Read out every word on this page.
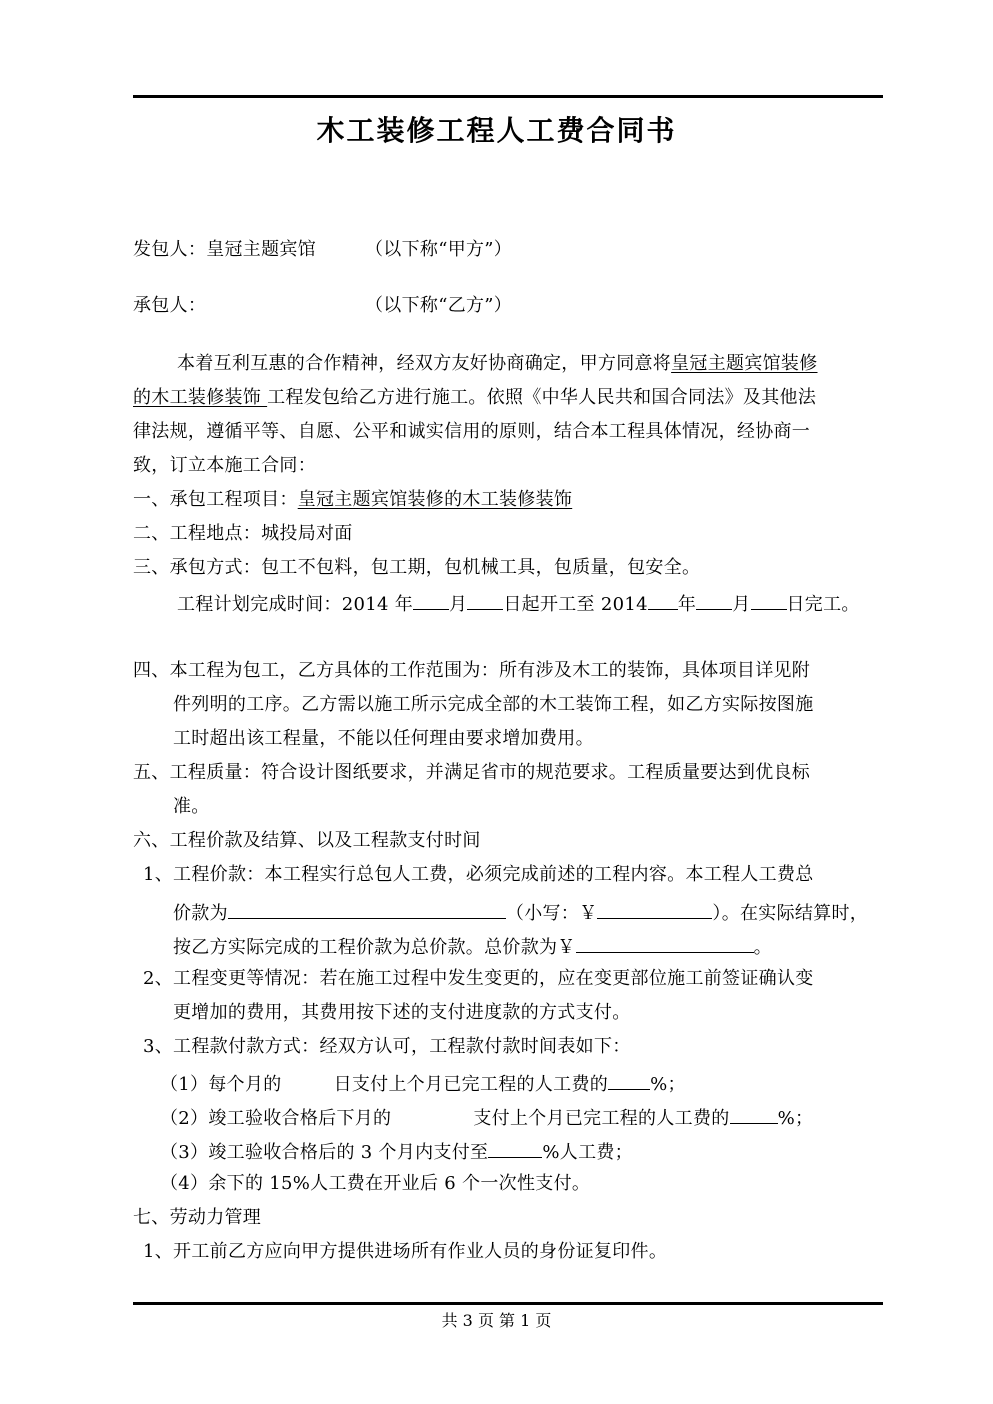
木工装修工程人工费合同书
发包人：皇冠主题宾馆	（以下称“甲方”）
承包人：	（以下称“乙方”）
本着互利互惠的合作精神，经双方友好协商确定，甲方同意将皇冠主题宾馆装修
的木工装修装饰 工程发包给乙方进行施工。依照《中华人民共和国合同法》及其他法
律法规，遵循平等、自愿、公平和诚实信用的原则，结合本工程具体情况，经协商一
致，订立本施工合同：
一、承包工程项目：皇冠主题宾馆装修的木工装修装饰
二、工程地点：城投局对面
三、承包方式：包工不包料，包工期，包机械工具，包质量，包安全。
工程计划完成时间：2014 年 月 日起开工至 2014 年 月 日完工。
四、本工程为包工，乙方具体的工作范围为：所有涉及木工的装饰，具体项目详见附
件列明的工序。乙方需以施工所示完成全部的木工装饰工程，如乙方实际按图施
工时超出该工程量，不能以任何理由要求增加费用。
五、工程质量：符合设计图纸要求，并满足省市的规范要求。工程质量要达到优良标
准。
六、工程价款及结算、以及工程款支付时间
1、工程价款：本工程实行总包人工费，必须完成前述的工程内容。本工程人工费总
价款为	（小写：￥	）。在实际结算时，
按乙方实际完成的工程价款为总价款。总价款为￥	。
2、工程变更等情况：若在施工过程中发生变更的，应在变更部位施工前签证确认变
更增加的费用，其费用按下述的支付进度款的方式支付。
3、工程款付款方式：经双方认可，工程款付款时间表如下：
（1）每个月的	日支付上个月已完工程的人工费的 %；
（2）竣工验收合格后下月的	支付上个月已完工程的人工费的	%；
（3）竣工验收合格后的 3 个月内支付至	%人工费；
（4）余下的 15%人工费在开业后 6 个一次性支付。
七、劳动力管理
1、开工前乙方应向甲方提供进场所有作业人员的身份证复印件。
共 3 页 第 1 页
